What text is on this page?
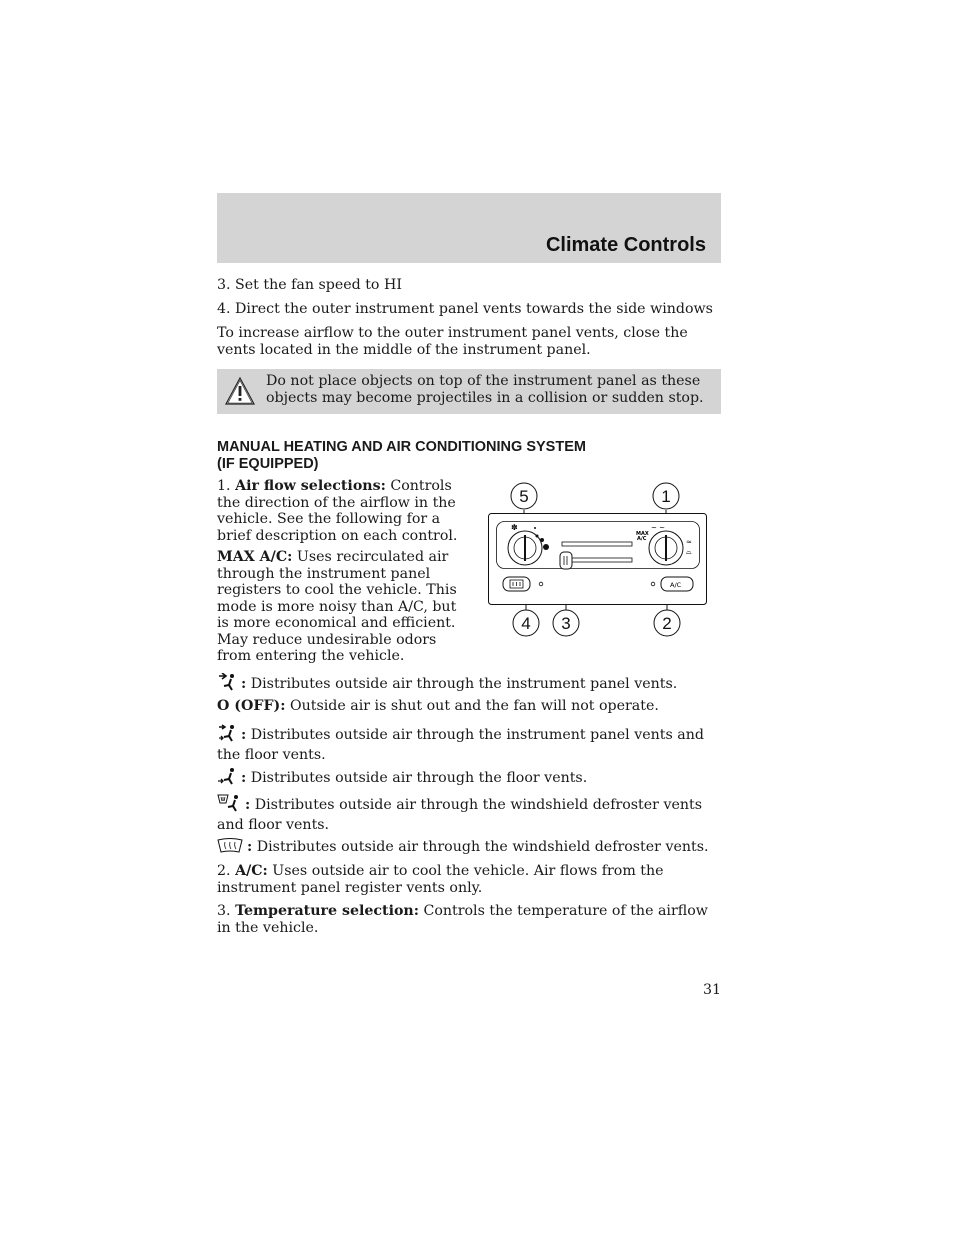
Climate Controls

3. Set the fan speed to HI

4. Direct the outer instrument panel vents towards the side windows

To increase airflow to the outer instrument panel vents, close the vents located in the middle of the instrument panel.

Do not place objects on top of the instrument panel as these objects may become projectiles in a collision or sudden stop.
MANUAL HEATING AND AIR CONDITIONING SYSTEM
(IF EQUIPPED)

1. Air flow selections: Controls the direction of the airflow in the vehicle. See the following for a brief description on each control.

MAX A/C: Uses recirculated air through the instrument panel registers to cool the vehicle. This mode is more noisy than A/C, but is more economical and efficient. May reduce undesirable odors from entering the vehicle.

✽
MAX
A/C
~ ~
≈
⌓
A/C
5	1
4 3	2

: Distributes outside air through the instrument panel vents.

O (OFF): Outside air is shut out and the fan will not operate.

: Distributes outside air through the instrument panel vents and the floor vents.

: Distributes outside air through the floor vents.

: Distributes outside air through the windshield defroster vents and floor vents.

: Distributes outside air through the windshield defroster vents.

2. A/C: Uses outside air to cool the vehicle. Air flows from the instrument panel register vents only.

3. Temperature selection: Controls the temperature of the airflow in the vehicle.

31
